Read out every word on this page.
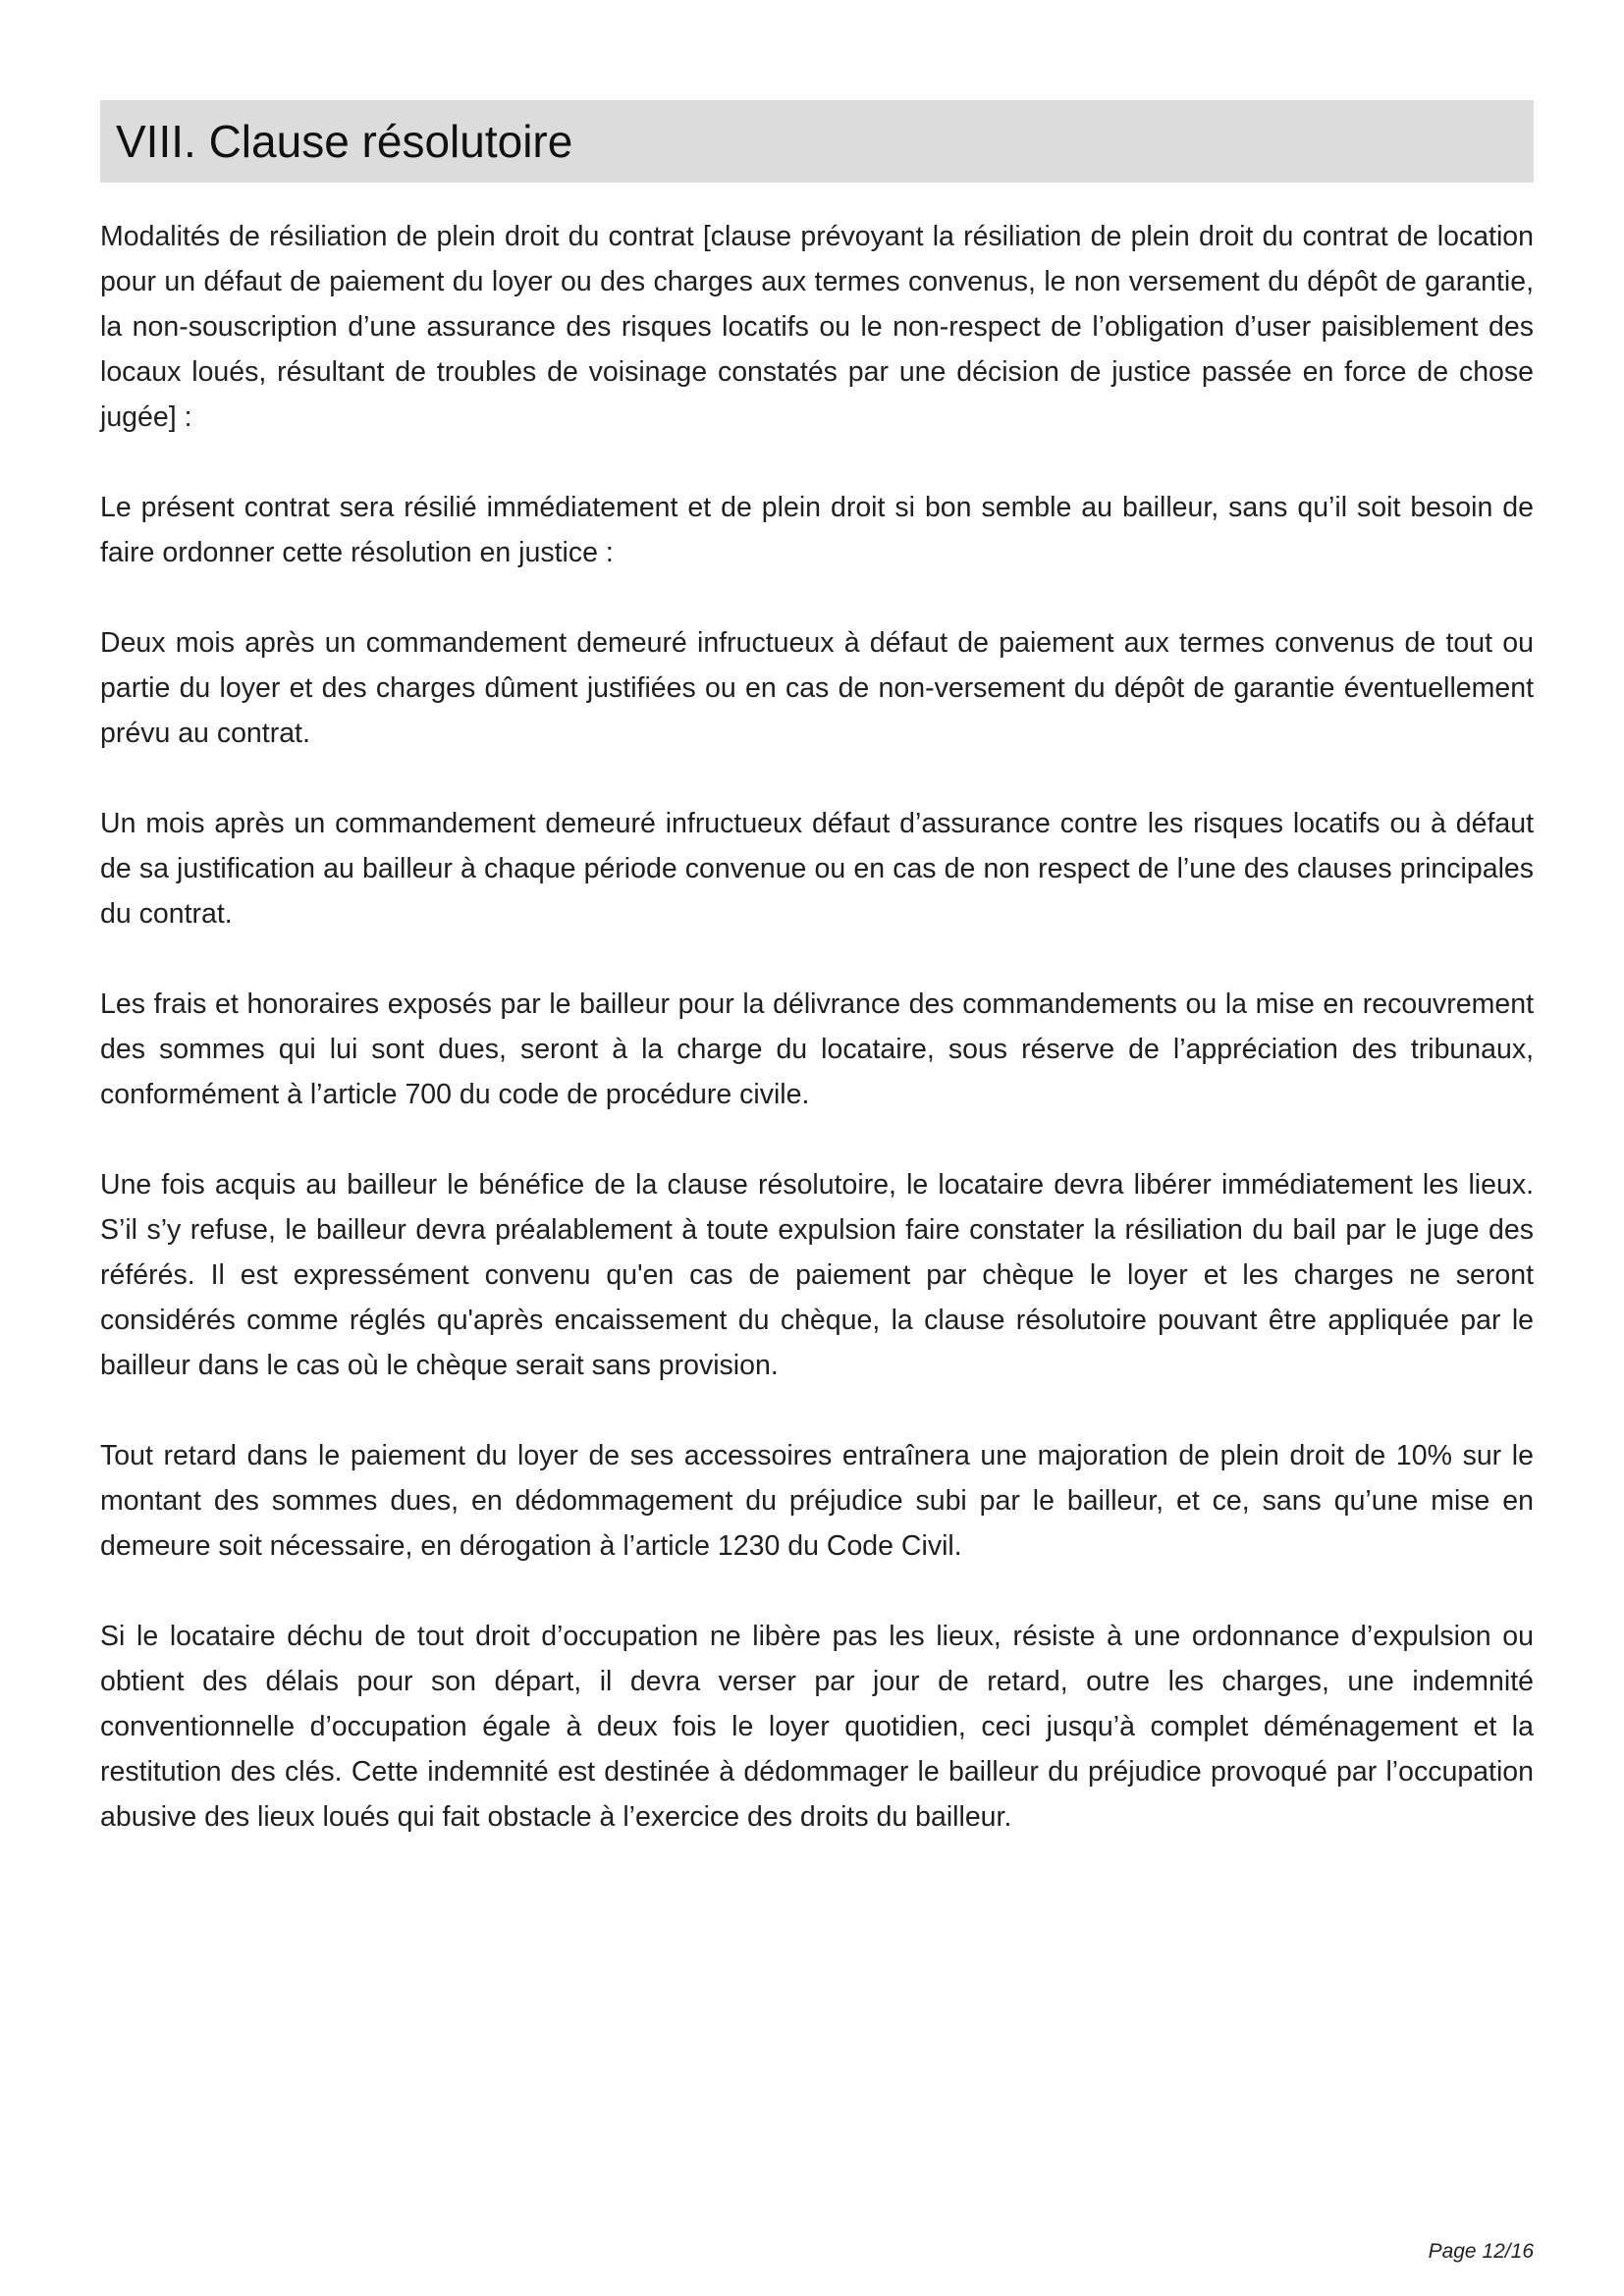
VIII. Clause résolutoire

Modalités de résiliation de plein droit du contrat [clause prévoyant la résiliation de plein droit du contrat de location pour un défaut de paiement du loyer ou des charges aux termes convenus, le non versement du dépôt de garantie, la non-souscription d’une assurance des risques locatifs ou le non-respect de l’obligation d’user paisiblement des locaux loués, résultant de troubles de voisinage constatés par une décision de justice passée en force de chose jugée] :

Le présent contrat sera résilié immédiatement et de plein droit si bon semble au bailleur, sans qu’il soit besoin de faire ordonner cette résolution en justice :

Deux mois après un commandement demeuré infructueux à défaut de paiement aux termes convenus de tout ou partie du loyer et des charges dûment justifiées ou en cas de non-versement du dépôt de garantie éventuellement prévu au contrat.

Un mois après un commandement demeuré infructueux défaut d’assurance contre les risques locatifs ou à défaut de sa justification au bailleur à chaque période convenue ou en cas de non respect de l’une des clauses principales du contrat.

Les frais et honoraires exposés par le bailleur pour la délivrance des commandements ou la mise en recouvrement des sommes qui lui sont dues, seront à la charge du locataire, sous réserve de l’appréciation des tribunaux, conformément à l’article 700 du code de procédure civile.

Une fois acquis au bailleur le bénéfice de la clause résolutoire, le locataire devra libérer immédiatement les lieux. S’il s’y refuse, le bailleur devra préalablement à toute expulsion faire constater la résiliation du bail par le juge des référés. Il est expressément convenu qu'en cas de paiement par chèque le loyer et les charges ne seront considérés comme réglés qu'après encaissement du chèque, la clause résolutoire pouvant être appliquée par le bailleur dans le cas où le chèque serait sans provision.

Tout retard dans le paiement du loyer de ses accessoires entraînera une majoration de plein droit de 10% sur le montant des sommes dues, en dédommagement du préjudice subi par le bailleur, et ce, sans qu’une mise en demeure soit nécessaire, en dérogation à l’article 1230 du Code Civil.

Si le locataire déchu de tout droit d’occupation ne libère pas les lieux, résiste à une ordonnance d’expulsion ou obtient des délais pour son départ, il devra verser par jour de retard, outre les charges, une indemnité conventionnelle d’occupation égale à deux fois le loyer quotidien, ceci jusqu’à complet déménagement et la restitution des clés. Cette indemnité est destinée à dédommager le bailleur du préjudice provoqué par l’occupation abusive des lieux loués qui fait obstacle à l’exercice des droits du bailleur.

Page 12/16
